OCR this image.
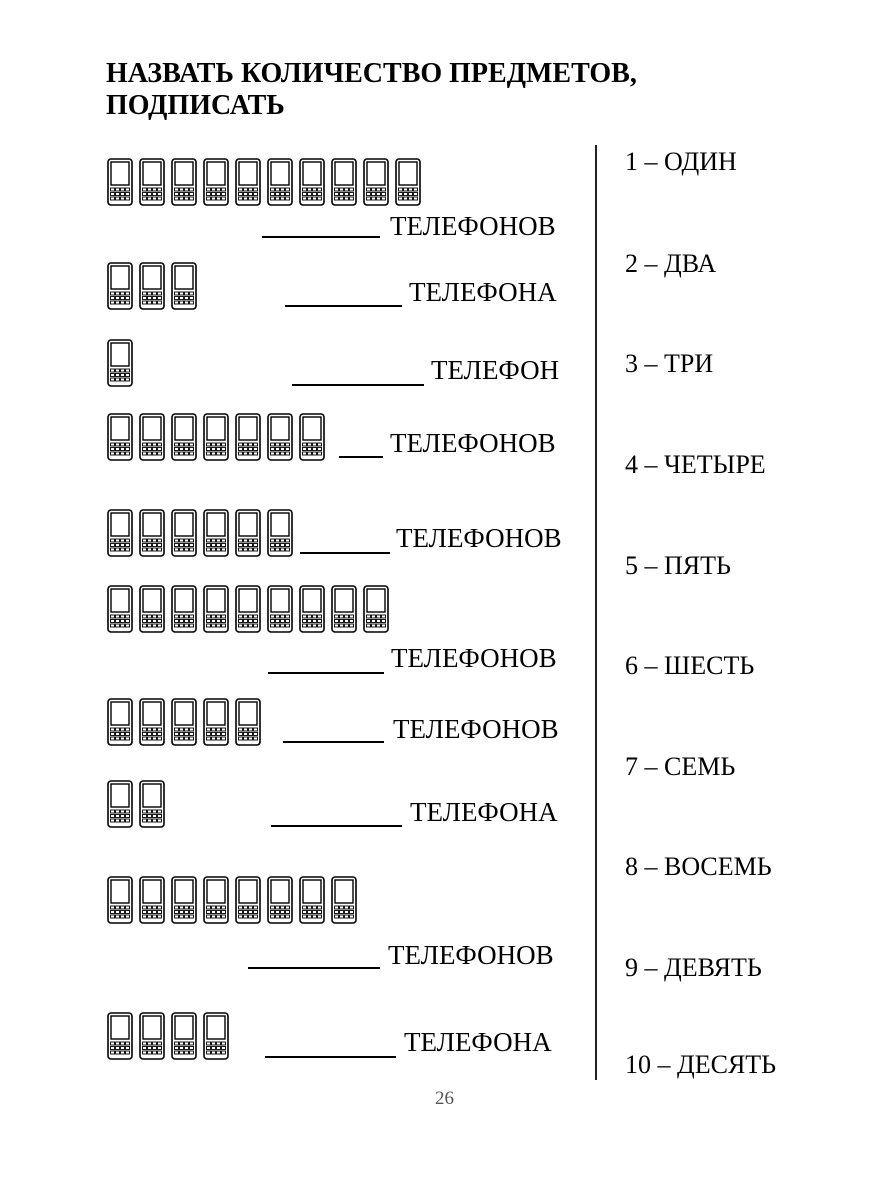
НАЗВАТЬ КОЛИЧЕСТВО ПРЕДМЕТОВ, ПОДПИСАТЬ
ТЕЛЕФОНОВ
ТЕЛЕФОНА
ТЕЛЕФОН
ТЕЛЕФОНОВ
ТЕЛЕФОНОВ
ТЕЛЕФОНОВ
ТЕЛЕФОНОВ
ТЕЛЕФОНА
ТЕЛЕФОНОВ
ТЕЛЕФОНА
1 – ОДИН
2 – ДВА
3 – ТРИ
4 – ЧЕТЫРЕ
5 – ПЯТЬ
6 – ШЕСТЬ
7 – СЕМЬ
8 – ВОСЕМЬ
9 – ДЕВЯТЬ
10 – ДЕСЯТЬ
26
